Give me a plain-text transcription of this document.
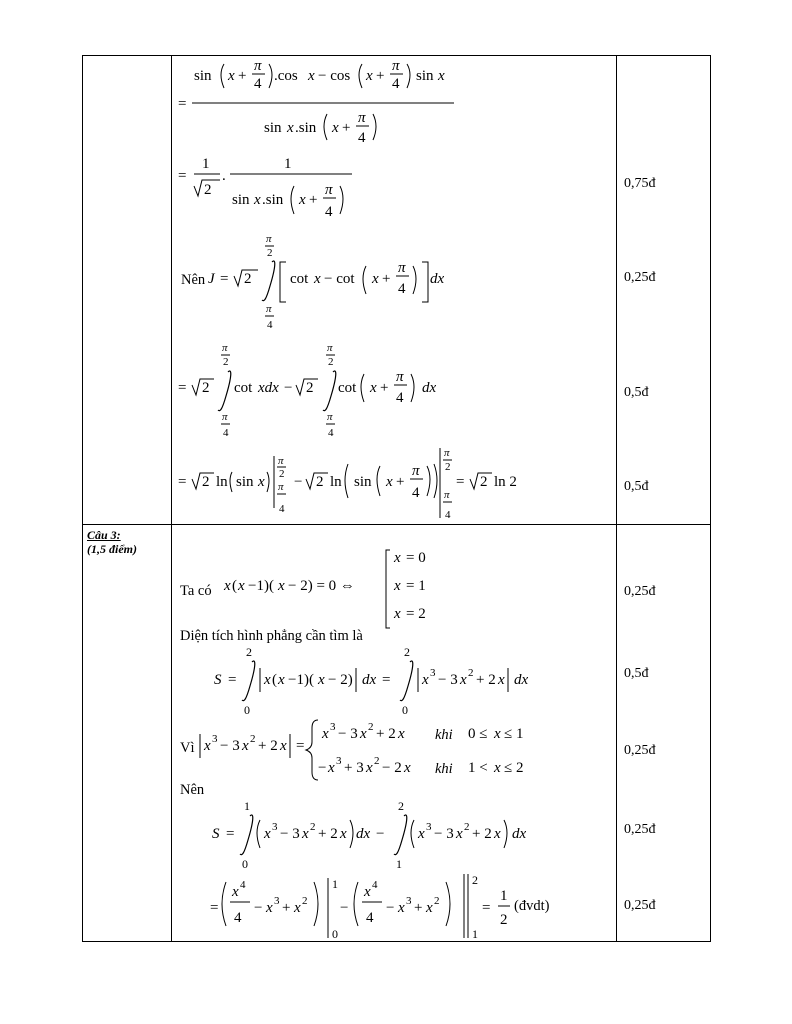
Câu 3:
(1,5 điểm)
=
sin x +
π
4 .cos x − cos x +
π
4 sin x
sin x .sin x +
π
4
=
1
2
.
1
sin x .sin x +
π
4
J = 2
π
2
π
4
cot x − cot x +
π
4
dx
= 2
π
2
π
4
cot xdx − 2
π
2
π
4
cot x +
π
4
dx
= 2 ln sin x
π
2
π
4
− 2 ln sin x +
π
4
π
2
π
4
= 2 ln 2
Nên
x ( x −1)( x − 2) = 0 ⇔
x = 0
x = 1
x = 2
S =
2
0
x ( x −1)( x − 2) dx =
2
0
x 3 − 3 x 2 + 2 x dx
x 3 − 3 x 2 + 2 x =
x 3 − 3 x 2 + 2 x	0 ≤ x ≤ 1
− x 3 + 3 x 2 − 2 x	1 < x ≤ 2
S =
1
0
x 3 − 3 x 2 + 2 x dx −
2
1
x 3 − 3 x 2 + 2 x dx
=
x 4
4
− x 3 + x 2
1
0
−
x 4
4
− x 3 + x 2
2
1
=
1
2
Ta có
Diện tích hình phẳng cần tìm là
Vì
khi
khi
Nên
(đvdt)
0,75đ
0,25đ
0,5đ
0,5đ
0,25đ
0,5đ
0,25đ
0,25đ
0,25đ
